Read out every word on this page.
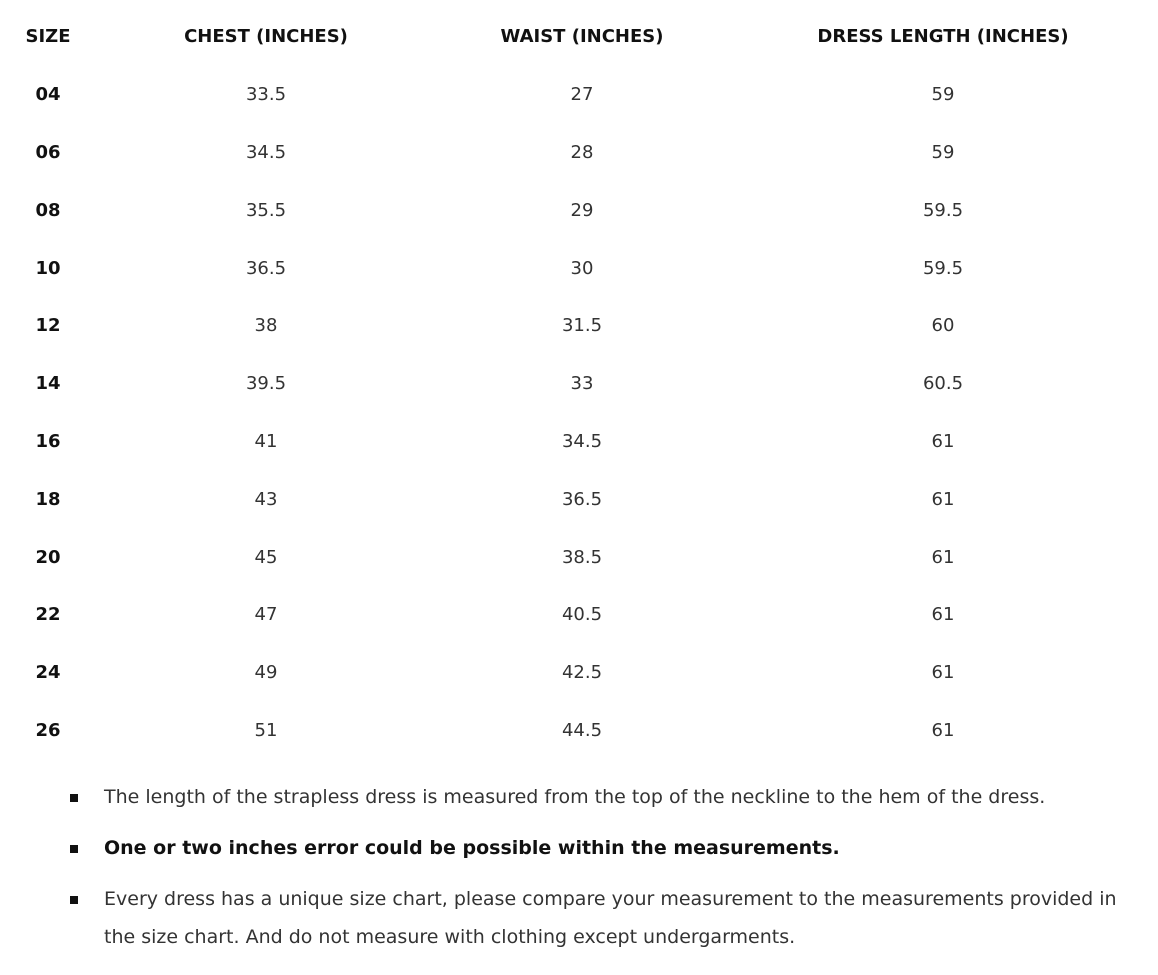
SIZE	CHEST (INCHES)	WAIST (INCHES)	DRESS LENGTH (INCHES)
04	33.5	27	59
06	34.5	28	59
08	35.5	29	59.5
10	36.5	30	59.5
12	38	31.5	60
14	39.5	33	60.5
16	41	34.5	61
18	43	36.5	61
20	45	38.5	61
22	47	40.5	61
24	49	42.5	61
26	51	44.5	61
The length of the strapless dress is measured from the top of the neckline to the hem of the dress.
One or two inches error could be possible within the measurements.
Every dress has a unique size chart, please compare your measurement to the measurements provided in the size chart. And do not measure with clothing except undergarments.
